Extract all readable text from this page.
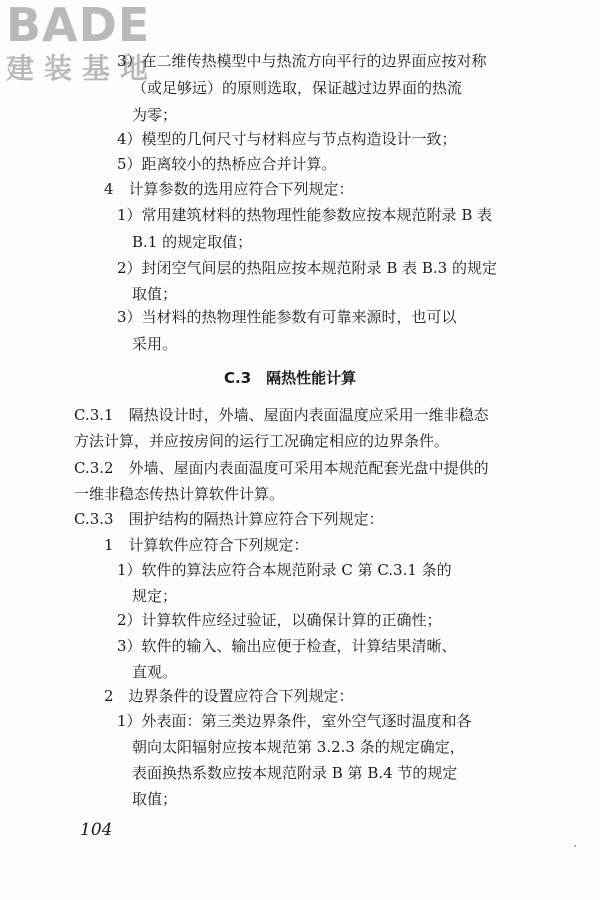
BADE
建装基地
3）在二维传热模型中与热流方向平行的边界面应按对称
（或足够远）的原则选取，保证越过边界面的热流
为零；
4）模型的几何尺寸与材料应与节点构造设计一致；
5）距离较小的热桥应合并计算。
4　计算参数的选用应符合下列规定：
1）常用建筑材料的热物理性能参数应按本规范附录 B 表
B.1 的规定取值；
2）封闭空气间层的热阻应按本规范附录 B 表 B.3 的规定
取值；
3）当材料的热物理性能参数有可靠来源时，也可以
采用。
C.3　隔热性能计算
C.3.1　隔热设计时，外墙、屋面内表面温度应采用一维非稳态
方法计算，并应按房间的运行工况确定相应的边界条件。
C.3.2　外墙、屋面内表面温度可采用本规范配套光盘中提供的
一维非稳态传热计算软件计算。
C.3.3　围护结构的隔热计算应符合下列规定：
1　计算软件应符合下列规定：
1）软件的算法应符合本规范附录 C 第 C.3.1 条的
规定；
2）计算软件应经过验证，以确保计算的正确性；
3）软件的输入、输出应便于检查，计算结果清晰、
直观。
2　边界条件的设置应符合下列规定：
1）外表面：第三类边界条件，室外空气逐时温度和各
朝向太阳辐射应按本规范第 3.2.3 条的规定确定，
表面换热系数应按本规范附录 B 第 B.4 节的规定
取值；
104
